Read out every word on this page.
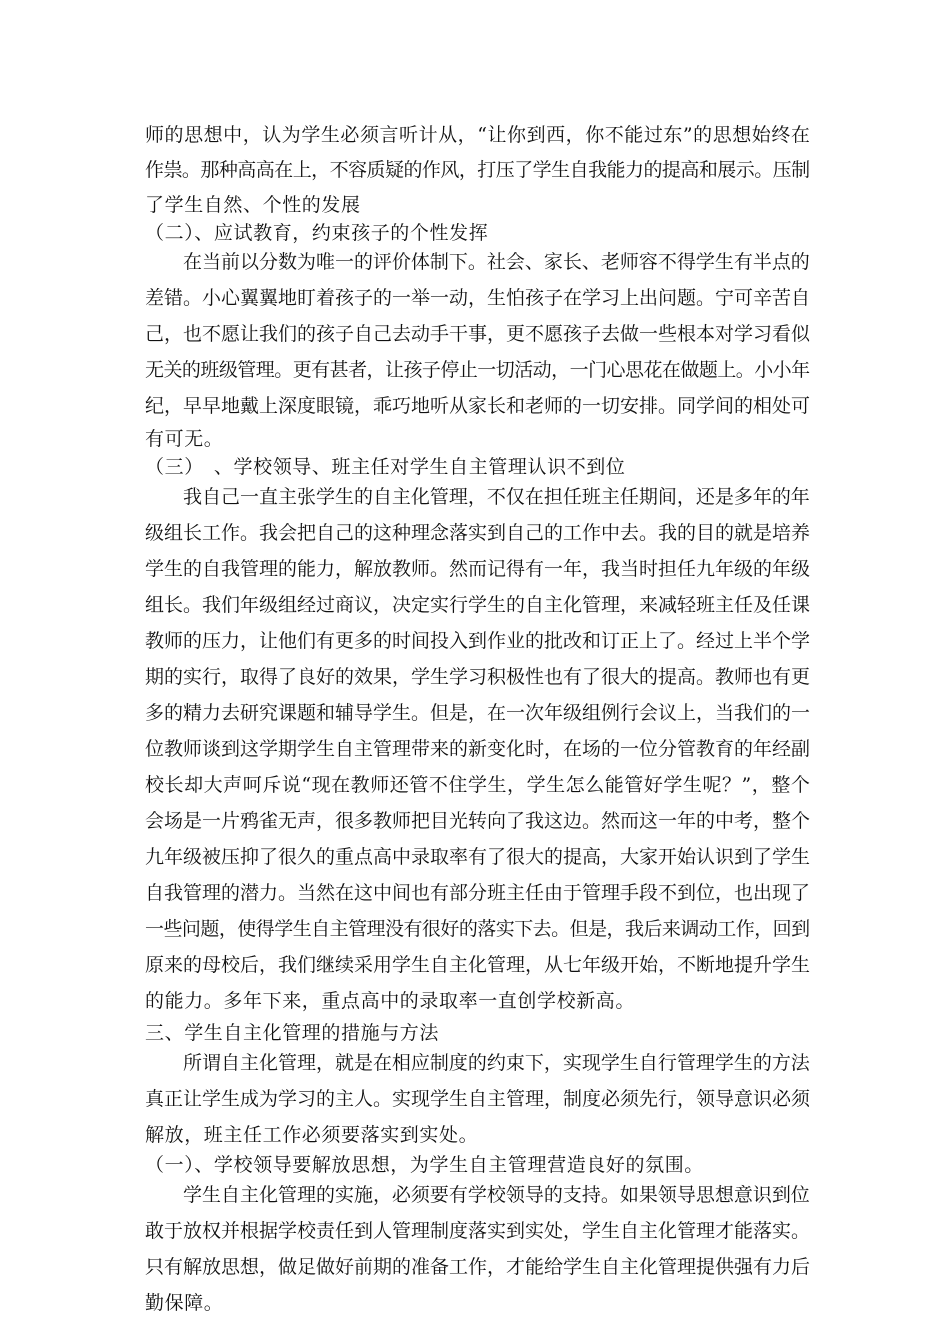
师的思想中，认为学生必须言听计从，“让你到西，你不能过东”的思想始终在
作祟。那种高高在上，不容质疑的作风，打压了学生自我能力的提高和展示。压制
了学生自然、个性的发展
（二）、应试教育，约束孩子的个性发挥
在当前以分数为唯一的评价体制下。社会、家长、老师容不得学生有半点的
差错。小心翼翼地盯着孩子的一举一动，生怕孩子在学习上出问题。宁可辛苦自
己，也不愿让我们的孩子自己去动手干事，更不愿孩子去做一些根本对学习看似
无关的班级管理。更有甚者，让孩子停止一切活动，一门心思花在做题上。小小年
纪，早早地戴上深度眼镜，乖巧地听从家长和老师的一切安排。同学间的相处可
有可无。
（三）　、学校领导、班主任对学生自主管理认识不到位
我自己一直主张学生的自主化管理，不仅在担任班主任期间，还是多年的年
级组长工作。我会把自己的这种理念落实到自己的工作中去。我的目的就是培养
学生的自我管理的能力，解放教师。然而记得有一年，我当时担任九年级的年级
组长。我们年级组经过商议，决定实行学生的自主化管理，来减轻班主任及任课
教师的压力，让他们有更多的时间投入到作业的批改和订正上了。经过上半个学
期的实行，取得了良好的效果，学生学习积极性也有了很大的提高。教师也有更
多的精力去研究课题和辅导学生。但是，在一次年级组例行会议上，当我们的一
位教师谈到这学期学生自主管理带来的新变化时，在场的一位分管教育的年经副
校长却大声呵斥说“现在教师还管不住学生，学生怎么能管好学生呢？”，整个
会场是一片鸦雀无声，很多教师把目光转向了我这边。然而这一年的中考，整个
九年级被压抑了很久的重点高中录取率有了很大的提高，大家开始认识到了学生
自我管理的潜力。当然在这中间也有部分班主任由于管理手段不到位，也出现了
一些问题，使得学生自主管理没有很好的落实下去。但是，我后来调动工作，回到
原来的母校后，我们继续采用学生自主化管理，从七年级开始，不断地提升学生
的能力。多年下来，重点高中的录取率一直创学校新高。
三、学生自主化管理的措施与方法
所谓自主化管理，就是在相应制度的约束下，实现学生自行管理学生的方法
真正让学生成为学习的主人。实现学生自主管理，制度必须先行，领导意识必须
解放，班主任工作必须要落实到实处。
（一）、学校领导要解放思想，为学生自主管理营造良好的氛围。
学生自主化管理的实施，必须要有学校领导的支持。如果领导思想意识到位
敢于放权并根据学校责任到人管理制度落实到实处，学生自主化管理才能落实。
只有解放思想，做足做好前期的准备工作，才能给学生自主化管理提供强有力后
勤保障。
